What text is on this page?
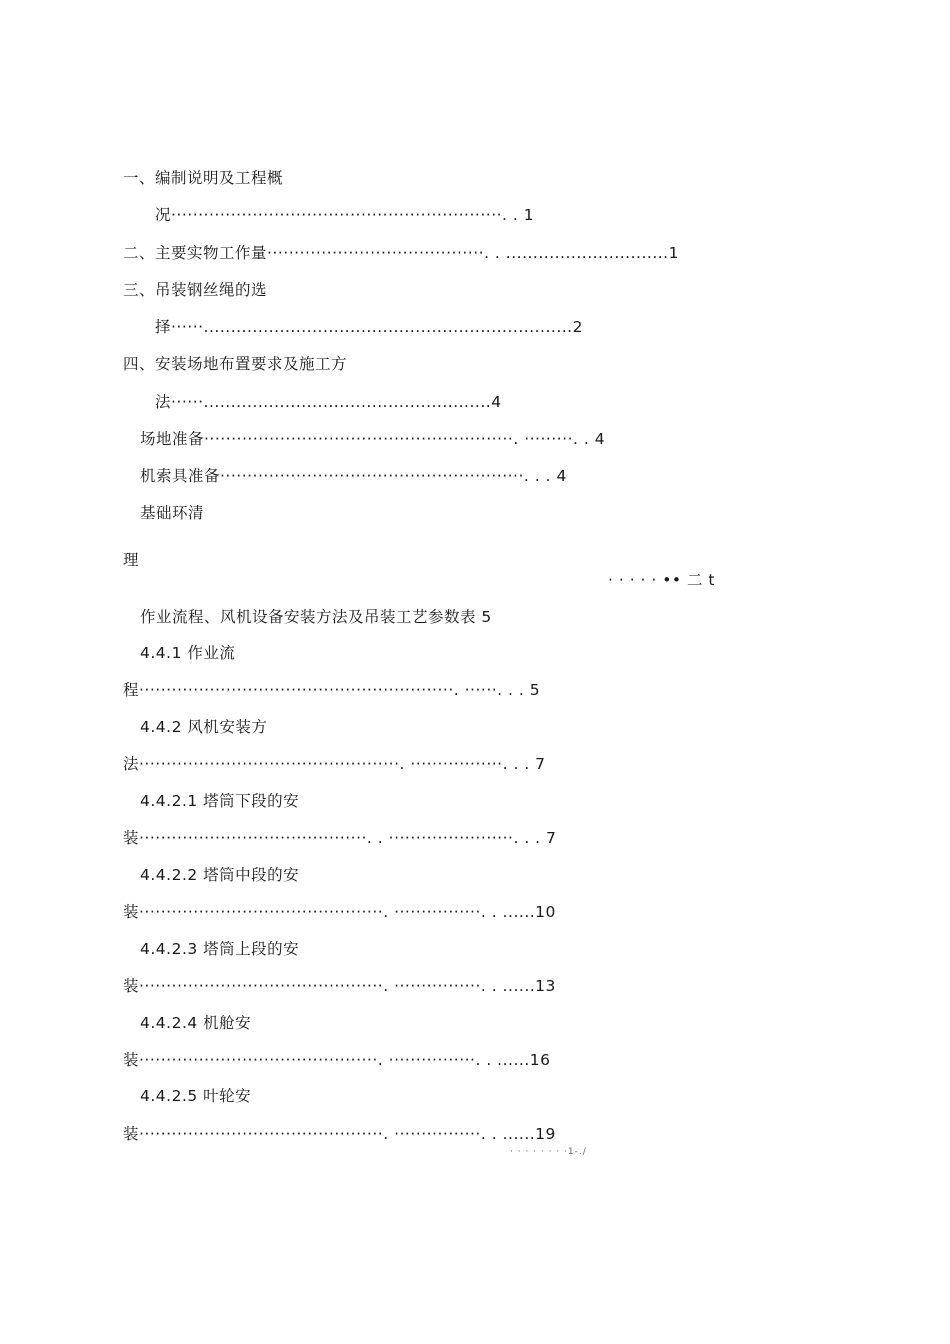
一、编制说明及工程概
况·····························································. . 1
二、主要实物工作量········································. . ..............................1
三、吊装钢丝绳的选
择······....................................................................2
四、安装场地布置要求及施工方
法······.....................................................4
场地准备·························································. ·········. . 4
机索具准备························································. . . 4
基础环清
理
· · · · · •• 二 t
作业流程、风机设备安装方法及吊装工艺参数表 5
4.4.1 作业流
程··························································. ······. . . 5
4.4.2 风机安装方
法················································. ·················. . . 7
4.4.2.1 塔筒下段的安
装··········································. . ·······················. . . 7
4.4.2.2 塔筒中段的安
装·············································. ················. . ......10
4.4.2.3 塔筒上段的安
装·············································. ················. . ......13
4.4.2.4 机舱安
装············································. ················. . ......16
4.4.2.5 叶轮安
装·············································. ················. . ......19
· · · · · · · ·1-./
